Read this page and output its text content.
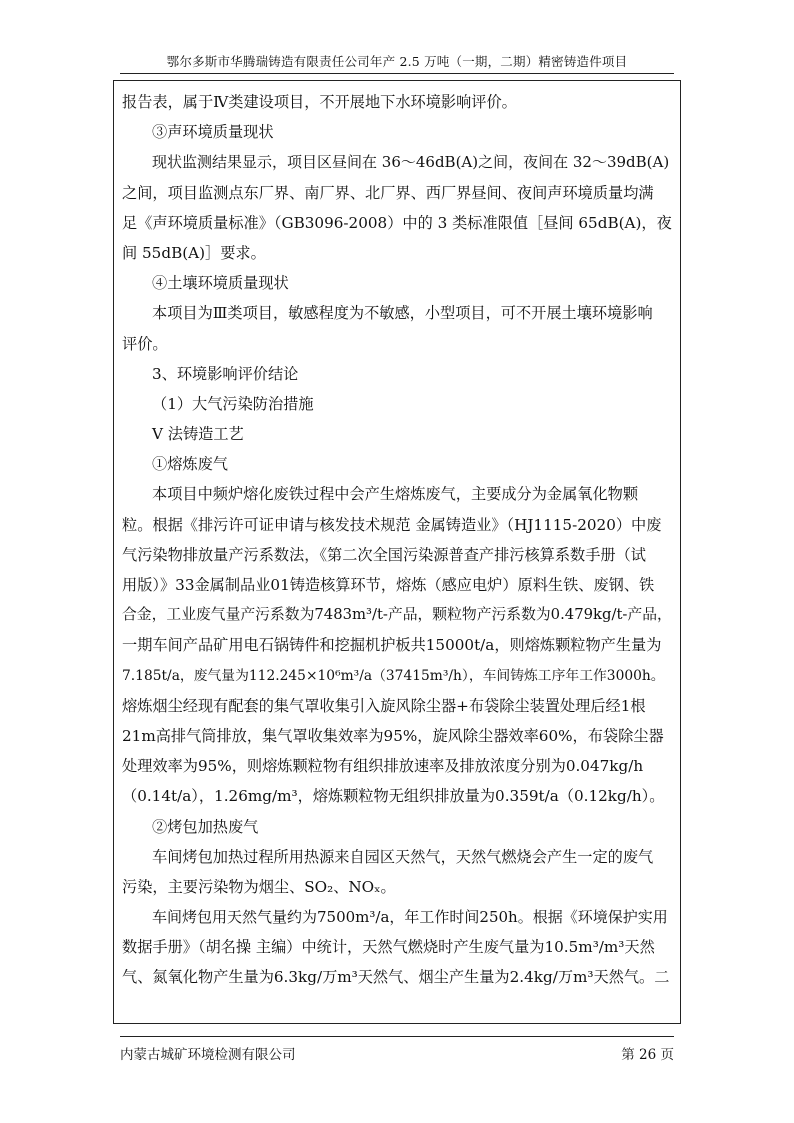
鄂尔多斯市华腾瑞铸造有限责任公司年产 2.5 万吨（一期，二期）精密铸造件项目
报告表，属于Ⅳ类建设项目，不开展地下水环境影响评价。
③声环境质量现状
现状监测结果显示，项目区昼间在 36～46dB(A)之间，夜间在 32～39dB(A)
之间，项目监测点东厂界、南厂界、北厂界、西厂界昼间、夜间声环境质量均满
足《声环境质量标准》（GB3096-2008）中的 3 类标准限值［昼间 65dB(A)，夜
间 55dB(A)］要求。
④土壤环境质量现状
本项目为Ⅲ类项目，敏感程度为不敏感，小型项目，可不开展土壤环境影响
评价。
3、环境影响评价结论
（1）大气污染防治措施
V 法铸造工艺
①熔炼废气
本项目中频炉熔化废铁过程中会产生熔炼废气，主要成分为金属氧化物颗
粒。根据《排污许可证申请与核发技术规范 金属铸造业》（HJ1115-2020）中废
气污染物排放量产污系数法，《第二次全国污染源普查产排污核算系数手册（试
用版）》33金属制品业01铸造核算环节，熔炼（感应电炉）原料生铁、废钢、铁
合金，工业废气量产污系数为7483m³/t-产品，颗粒物产污系数为0.479kg/t-产品，
一期车间产品矿用电石锅铸件和挖掘机护板共15000t/a，则熔炼颗粒物产生量为
7.185t/a，废气量为112.245×10⁶m³/a（37415m³/h），车间铸炼工序年工作3000h。
熔炼烟尘经现有配套的集气罩收集引入旋风除尘器+布袋除尘装置处理后经1根
21m高排气筒排放，集气罩收集效率为95%，旋风除尘器效率60%，布袋除尘器
处理效率为95%，则熔炼颗粒物有组织排放速率及排放浓度分别为0.047kg/h
（0.14t/a），1.26mg/m³，熔炼颗粒物无组织排放量为0.359t/a（0.12kg/h）。
②烤包加热废气
车间烤包加热过程所用热源来自园区天然气，天然气燃烧会产生一定的废气
污染，主要污染物为烟尘、SO₂、NOₓ。
车间烤包用天然气量约为7500m³/a，年工作时间250h。根据《环境保护实用
数据手册》（胡名操 主编）中统计，天然气燃烧时产生废气量为10.5m³/m³天然
气、氮氧化物产生量为6.3kg/万m³天然气、烟尘产生量为2.4kg/万m³天然气。二
内蒙古城矿环境检测有限公司	第 26 页
